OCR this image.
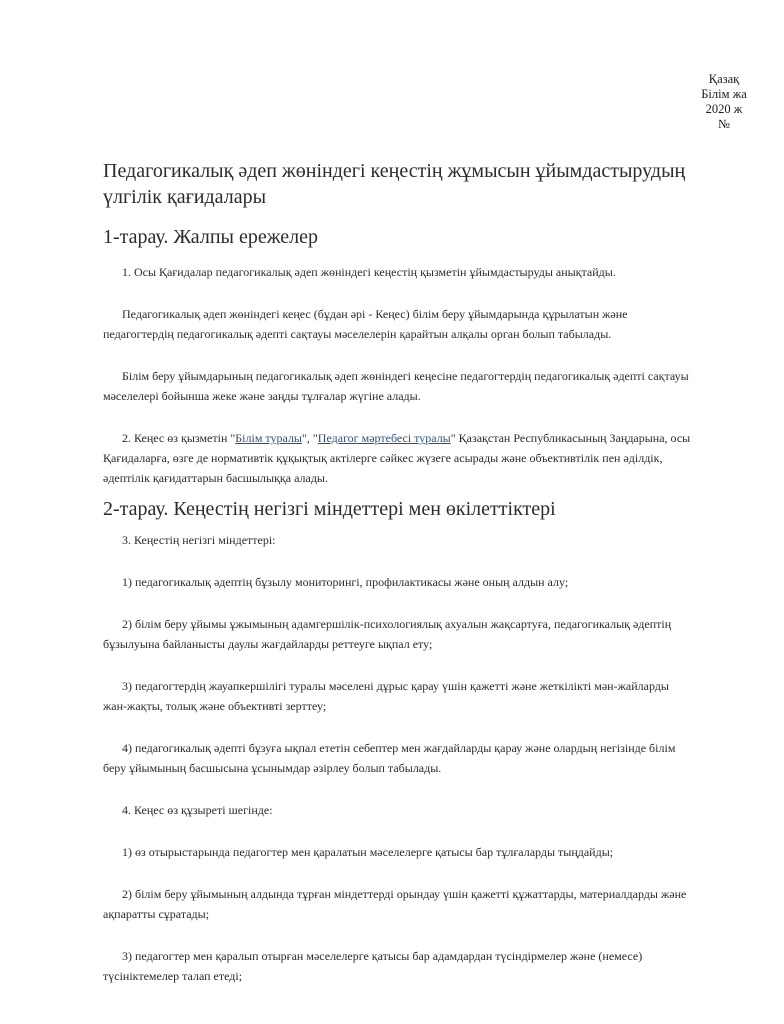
Қазақ
Білім жа
2020 ж
№
Педагогикалық әдеп жөніндегі кеңестің жұмысын ұйымдастырудың үлгілік қағидалары
1-тарау. Жалпы ережелер

1. Осы Қағидалар педагогикалық әдеп жөніндегі кеңестің қызметін ұйымдастыруды анықтайды.

Педагогикалық әдеп жөніндегі кеңес (бұдан әрі - Кеңес) білім беру ұйымдарында құрылатын және педагогтердің педагогикалық әдепті сақтауы мәселелерін қарайтын алқалы орган болып табылады.

Білім беру ұйымдарының педагогикалық әдеп жөніндегі кеңесіне педагогтердің педагогикалық әдепті сақтауы мәселелері бойынша жеке және заңды тұлғалар жүгіне алады.

2. Кеңес өз қызметін "Білім туралы", "Педагог мәртебесі туралы" Қазақстан Республикасының Заңдарына, осы Қағидаларға, өзге де нормативтік құқықтық актілерге сәйкес жүзеге асырады және объективтілік пен әділдік, әдептілік қағидаттарын басшылыққа алады.

2-тарау. Кеңестің негізгі міндеттері мен өкілеттіктері

3. Кеңестің негізгі міндеттері:

1) педагогикалық әдептің бұзылу мониторингі, профилактикасы және оның алдын алу;

2) білім беру ұйымы ұжымының адамгершілік-психологиялық ахуалын жақсартуға, педагогикалық әдептің бұзылуына байланысты даулы жағдайларды реттеуге ықпал ету;

3) педагогтердің жауапкершілігі туралы мәселені дұрыс қарау үшін қажетті және жеткілікті мән-жайларды жан-жақты, толық және объективті зерттеу;

4) педагогикалық әдепті бұзуға ықпал ететін себептер мен жағдайларды қарау және олардың негізінде білім беру ұйымының басшысына ұсынымдар әзірлеу болып табылады.

4. Кеңес өз құзыреті шегінде:

1) өз отырыстарында педагогтер мен қаралатын мәселелерге қатысы бар тұлғаларды тыңдайды;

2) білім беру ұйымының алдында тұрған міндеттерді орындау үшін қажетті құжаттарды, материалдарды және ақпаратты сұратады;

3) педагогтер мен қаралып отырған мәселелерге қатысы бар адамдардан түсіндірмелер және (немесе) түсініктемелер талап етеді;
